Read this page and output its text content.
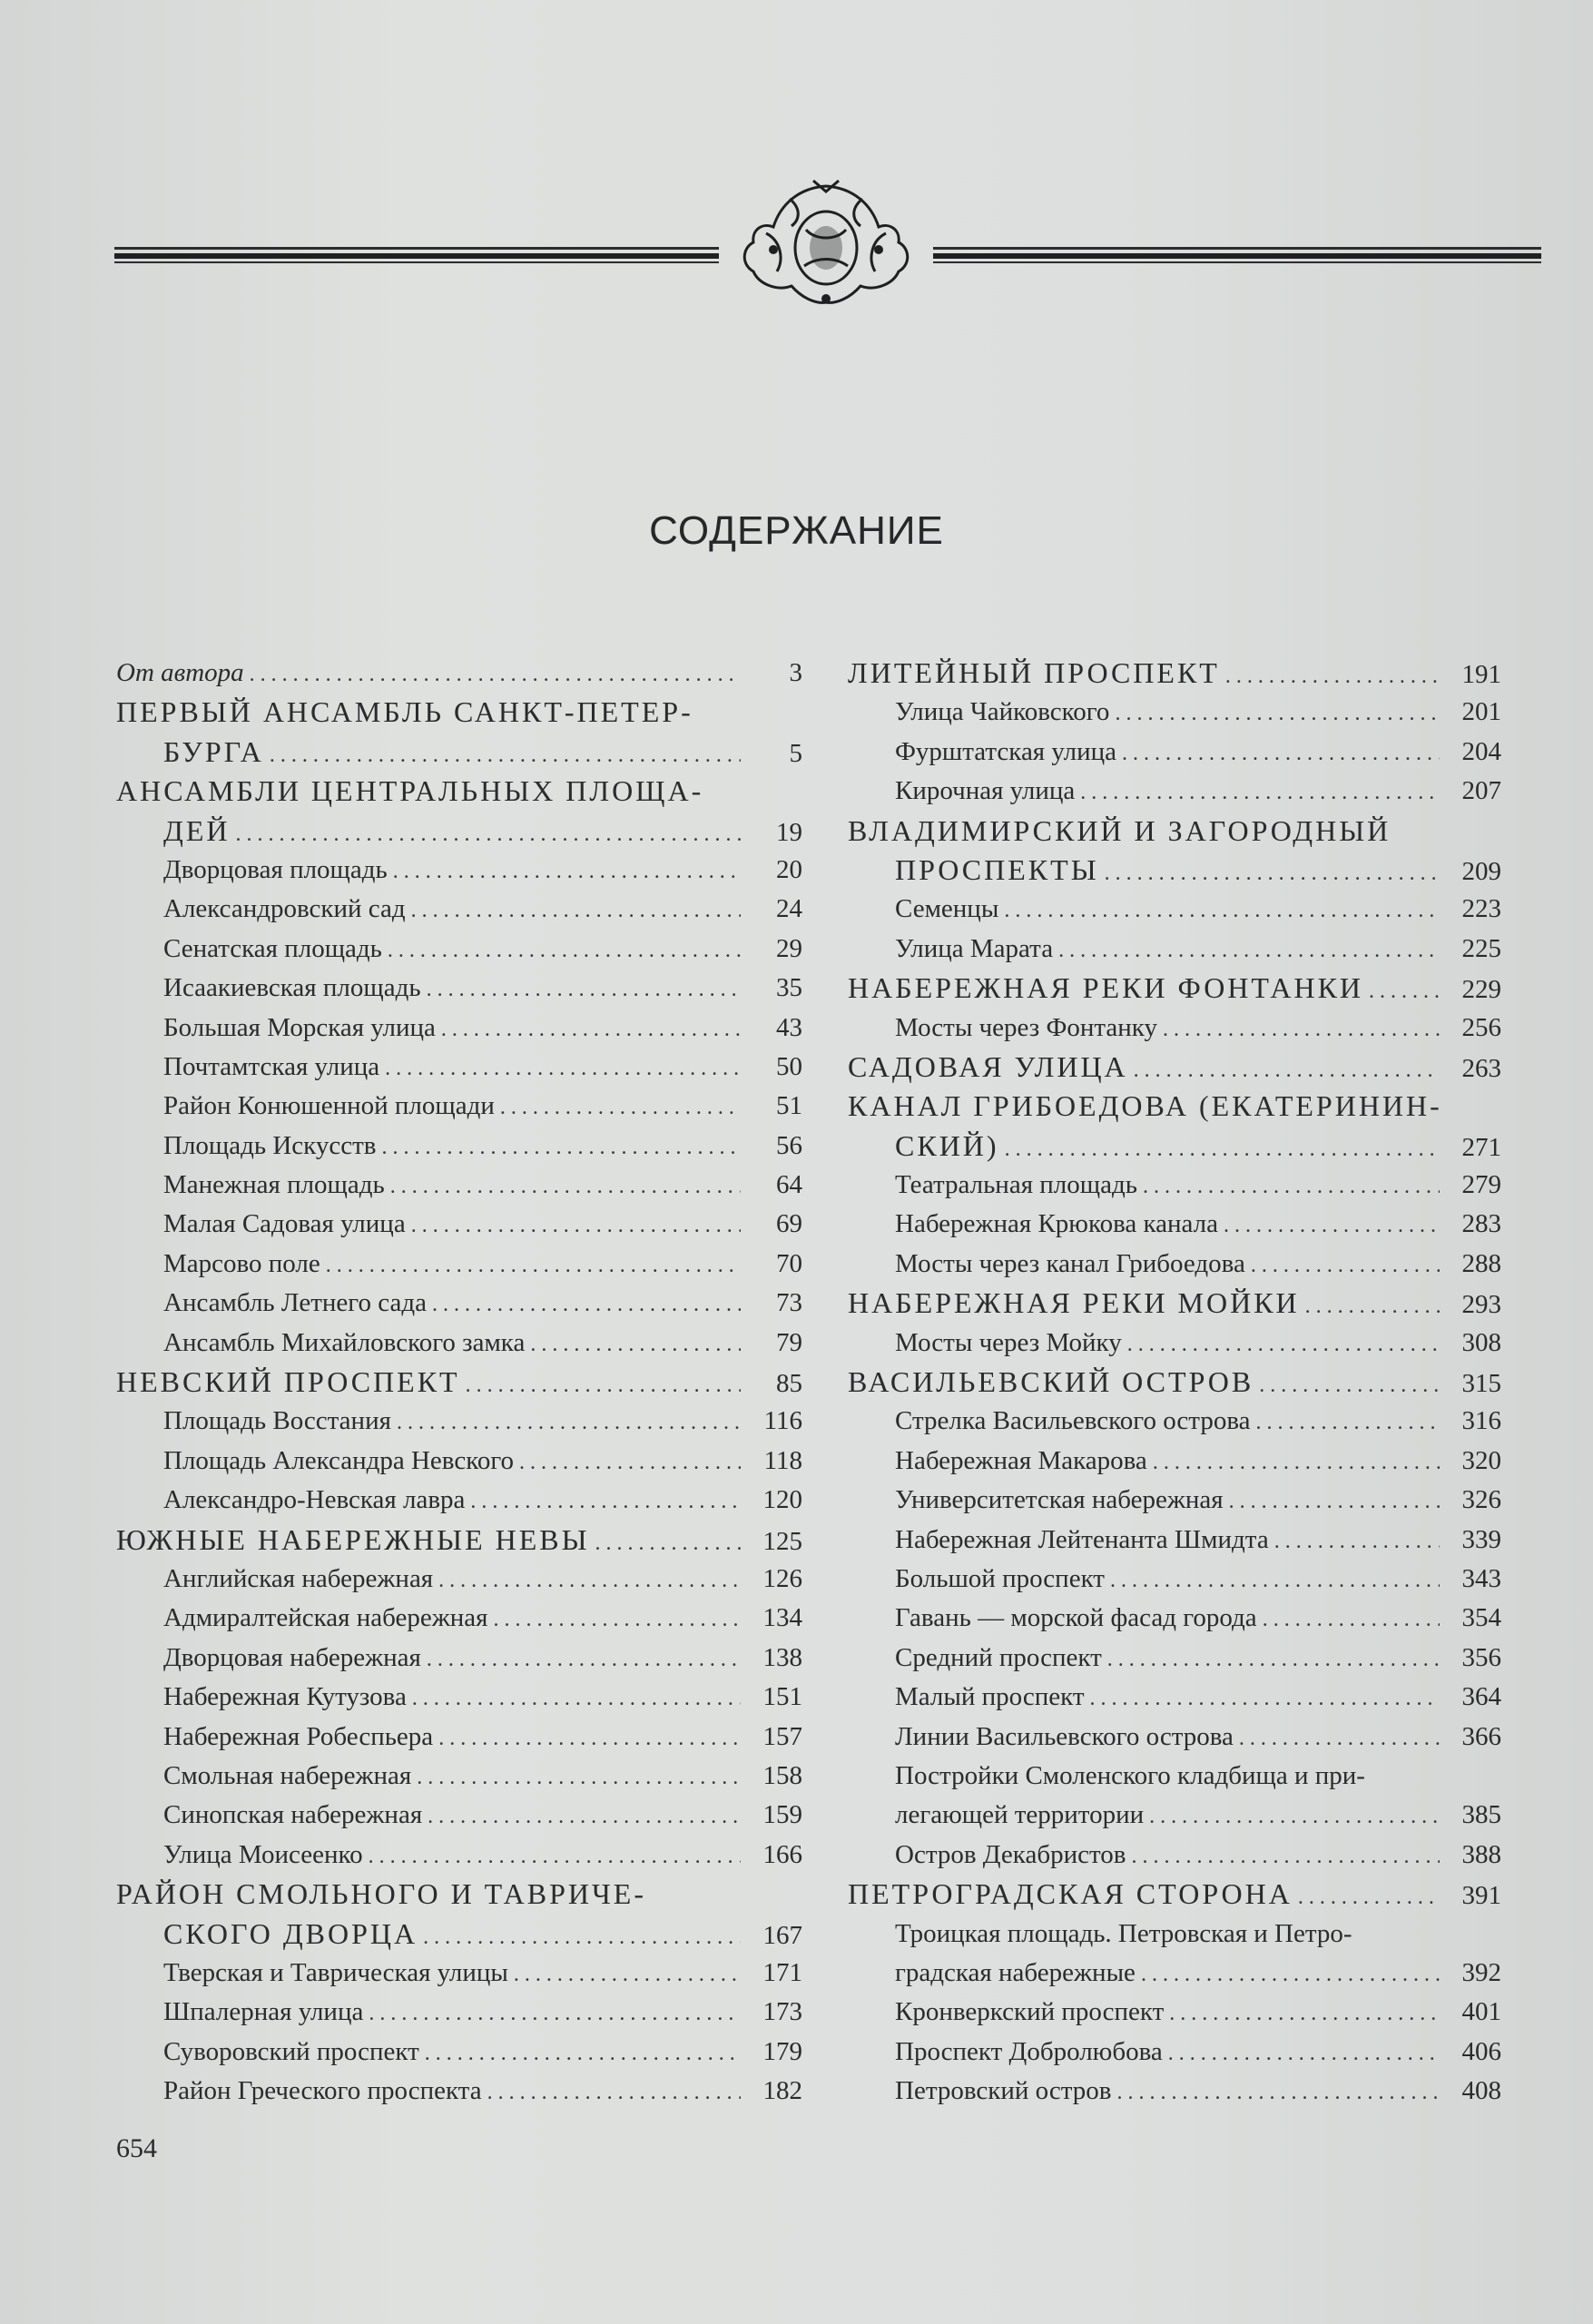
СОДЕРЖАНИЕ
От автора . . .	3
ПЕРВЫЙ АНСАМБЛЬ САНКТ-ПЕТЕР-
БУРГА . . .	5
АНСАМБЛИ ЦЕНТРАЛЬНЫХ ПЛОЩА-
ДЕЙ . . .	19
Дворцовая площадь . . .	20
Александровский сад . . .	24
Сенатская площадь . . .	29
Исаакиевская площадь . . .	35
Большая Морская улица . . .	43
Почтамтская улица . . .	50
Район Конюшенной площади . . .	51
Площадь Искусств . . .	56
Манежная площадь . . .	64
Малая Садовая улица . . .	69
Марсово поле . . .	70
Ансамбль Летнего сада . . .	73
Ансамбль Михайловского замка . . .	79
НЕВСКИЙ ПРОСПЕКТ . . .	85
Площадь Восстания . . .	116
Площадь Александра Невского . . .	118
Александро-Невская лавра . . .	120
ЮЖНЫЕ НАБЕРЕЖНЫЕ НЕВЫ . . .	125
Английская набережная . . .	126
Адмиралтейская набережная . . .	134
Дворцовая набережная . . .	138
Набережная Кутузова . . .	151
Набережная Робеспьера . . .	157
Смольная набережная . . .	158
Синопская набережная . . .	159
Улица Моисеенко . . .	166
РАЙОН СМОЛЬНОГО И ТАВРИЧЕ-
СКОГО ДВОРЦА . . .	167
Тверская и Таврическая улицы . . .	171
Шпалерная улица . . .	173
Суворовский проспект . . .	179
Район Греческого проспекта . . .	182
ЛИТЕЙНЫЙ ПРОСПЕКТ . . .	191
Улица Чайковского . . .	201
Фурштатская улица . . .	204
Кирочная улица . . .	207
ВЛАДИМИРСКИЙ И ЗАГОРОДНЫЙ
ПРОСПЕКТЫ . . .	209
Семенцы . . .	223
Улица Марата . . .	225
НАБЕРЕЖНАЯ РЕКИ ФОНТАНКИ . . .	229
Мосты через Фонтанку . . .	256
САДОВАЯ УЛИЦА . . .	263
КАНАЛ ГРИБОЕДОВА (ЕКАТЕРИНИН-
СКИЙ) . . .	271
Театральная площадь . . .	279
Набережная Крюкова канала . . .	283
Мосты через канал Грибоедова . . .	288
НАБЕРЕЖНАЯ РЕКИ МОЙКИ . . .	293
Мосты через Мойку . . .	308
ВАСИЛЬЕВСКИЙ ОСТРОВ . . .	315
Стрелка Васильевского острова . . .	316
Набережная Макарова . . .	320
Университетская набережная . . .	326
Набережная Лейтенанта Шмидта . . .	339
Большой проспект . . .	343
Гавань — морской фасад города . . .	354
Средний проспект . . .	356
Малый проспект . . .	364
Линии Васильевского острова . . .	366
Постройки Смоленского кладбища и при-
легающей территории . . .	385
Остров Декабристов . . .	388
ПЕТРОГРАДСКАЯ СТОРОНА . . .	391
Троицкая площадь. Петровская и Петро-
градская набережные . . .	392
Кронверкский проспект . . .	401
Проспект Добролюбова . . .	406
Петровский остров . . .	408
654
